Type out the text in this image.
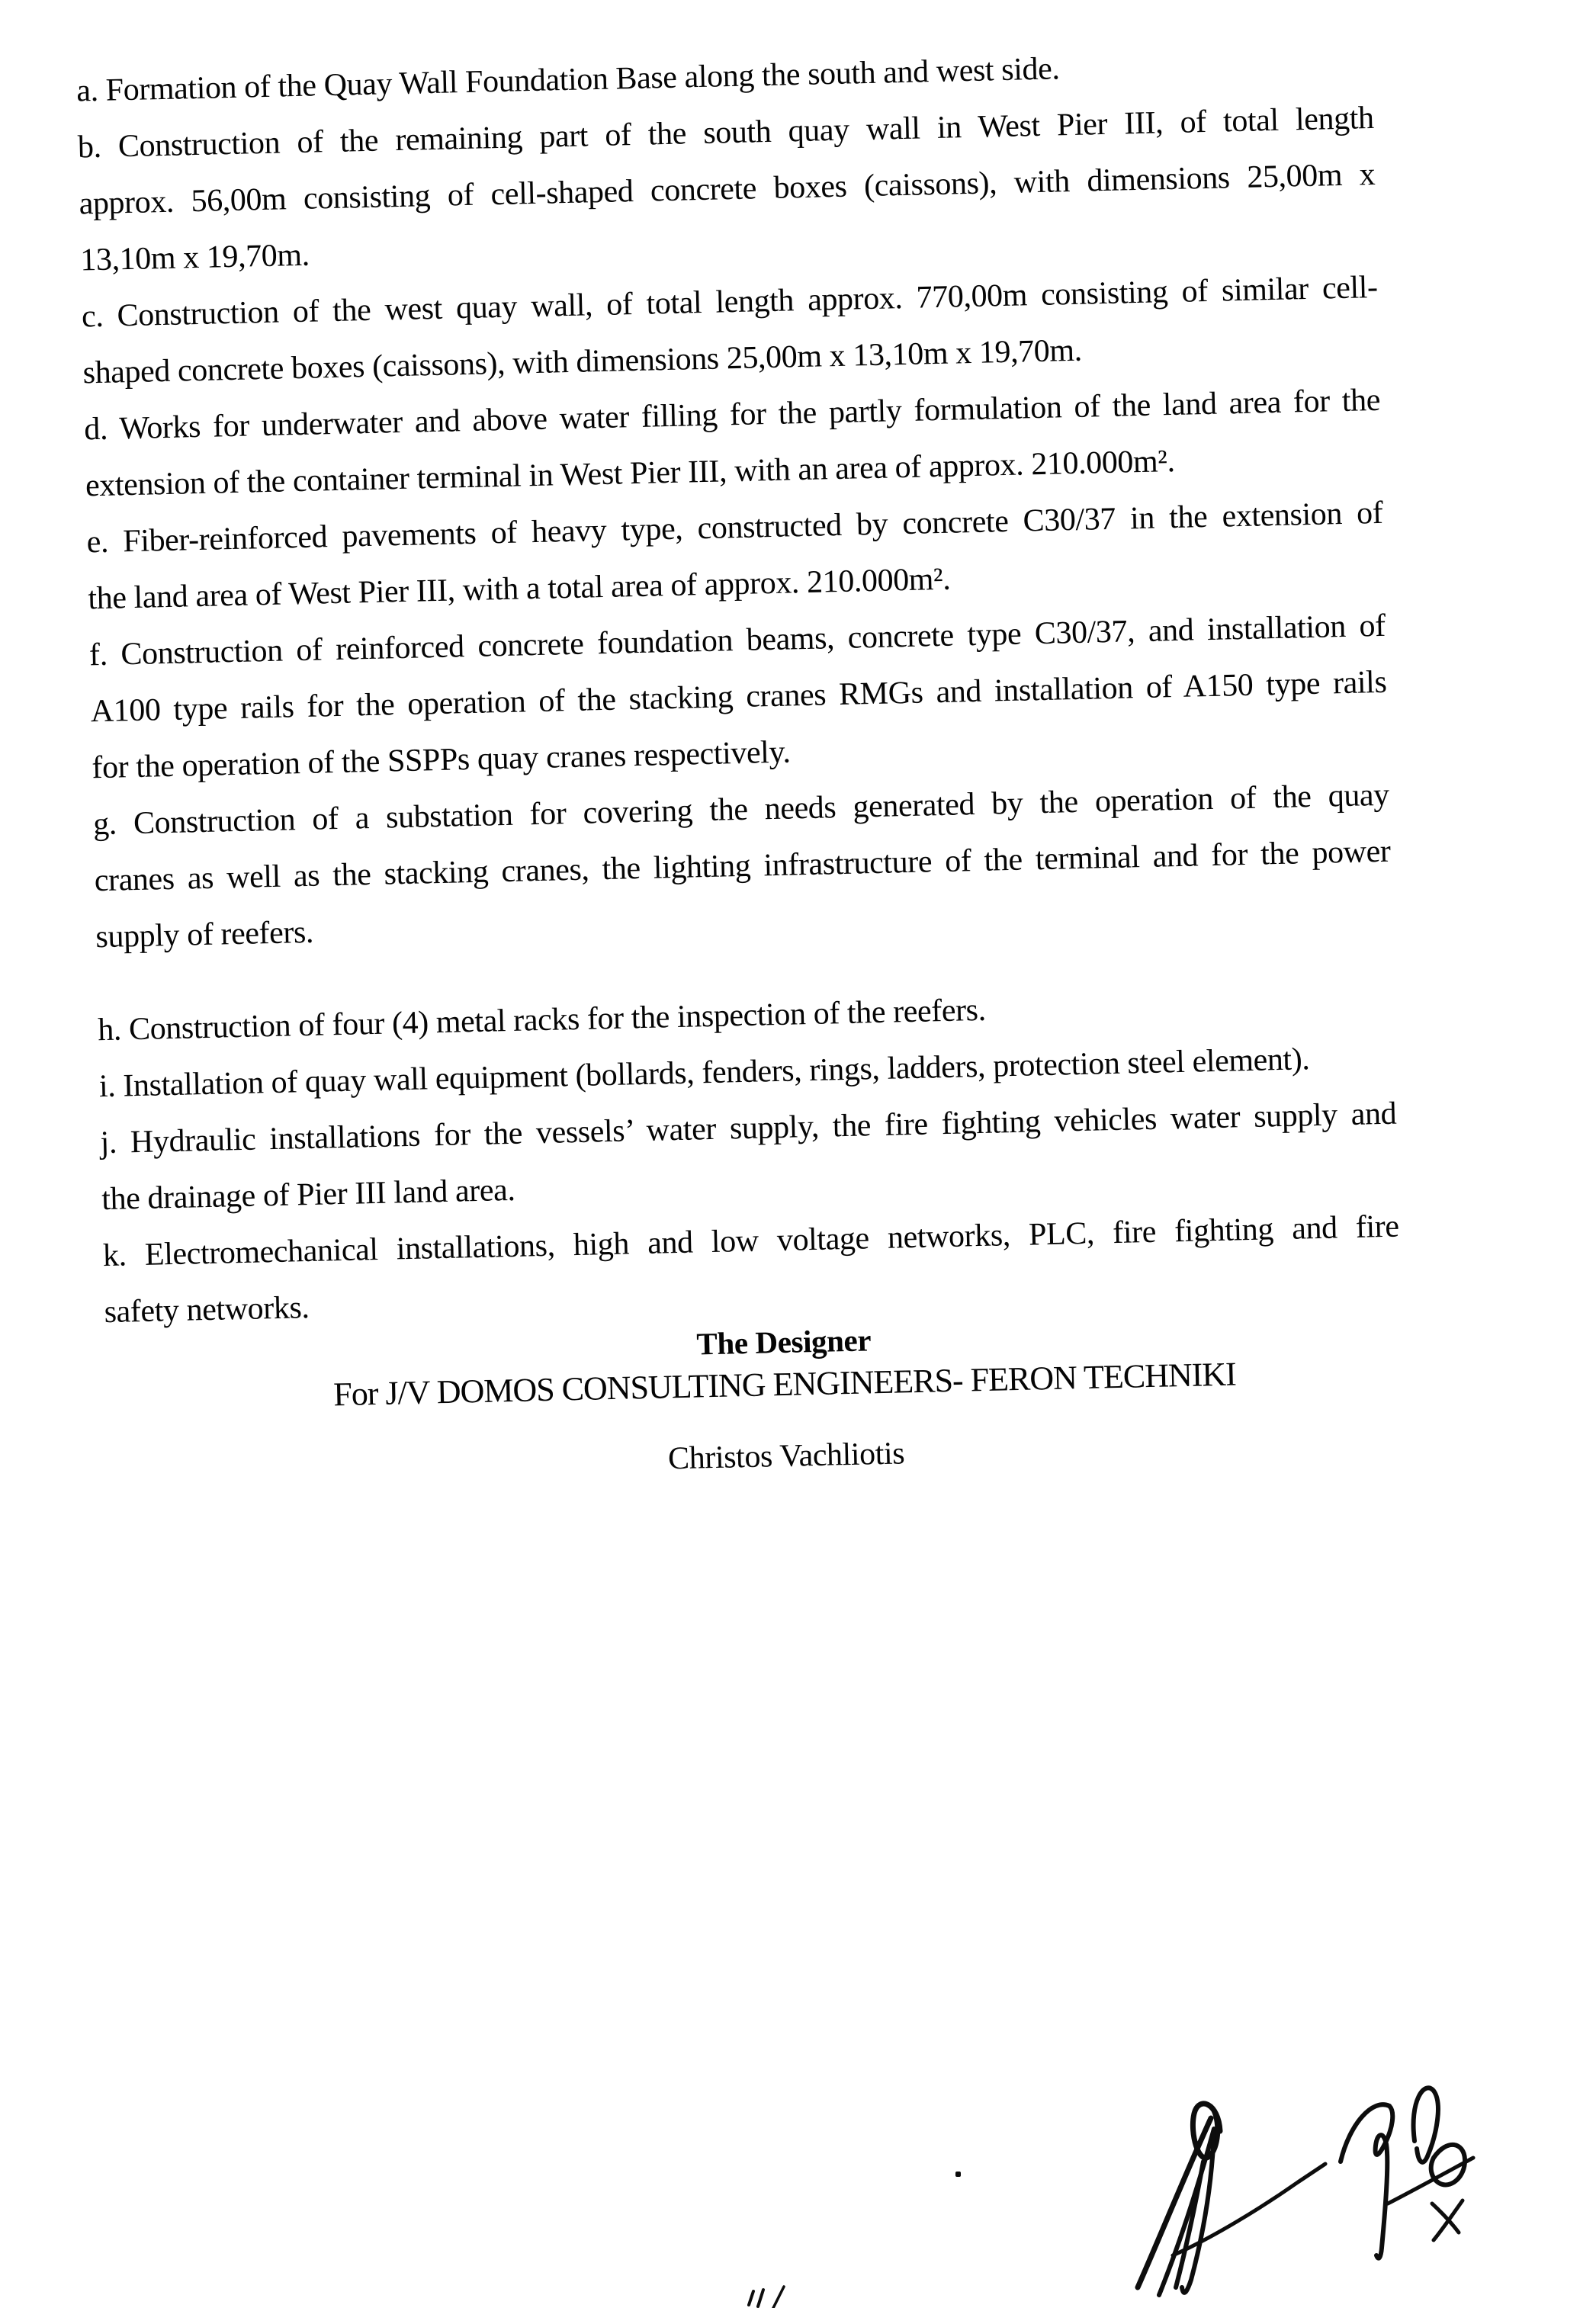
a. Formation of the Quay Wall Foundation Base along the south and west side.
b. Construction of the remaining part of the south quay wall in West Pier III, of total length
approx. 56,00m consisting of cell-shaped concrete boxes (caissons), with dimensions 25,00m x
13,10m x 19,70m.
c. Construction of the west quay wall, of total length approx. 770,00m consisting of similar cell-
shaped concrete boxes (caissons), with dimensions 25,00m x 13,10m x 19,70m.
d. Works for underwater and above water filling for the partly formulation of the land area for the
extension of the container terminal in West Pier III, with an area of approx. 210.000m².
e. Fiber-reinforced pavements of heavy type, constructed by concrete C30/37 in the extension of
the land area of West Pier III, with a total area of approx. 210.000m².
f. Construction of reinforced concrete foundation beams, concrete type C30/37, and installation of
A100 type rails for the operation of the stacking cranes RMGs and installation of A150 type rails
for the operation of the SSPPs quay cranes respectively.
g. Construction of a substation for covering the needs generated by the operation of the quay
cranes as well as the stacking cranes, the lighting infrastructure of the terminal and for the power
supply of reefers.
h. Construction of four (4) metal racks for the inspection of the reefers.
i. Installation of quay wall equipment (bollards, fenders, rings, ladders, protection steel element).
j. Hydraulic installations for the vessels’ water supply, the fire fighting vehicles water supply and
the drainage of Pier III land area.
k. Electromechanical installations, high and low voltage networks, PLC, fire fighting and fire
safety networks.
The Designer
For J/V DOMOS CONSULTING ENGINEERS- FERON TECHNIKI
Christos Vachliotis
